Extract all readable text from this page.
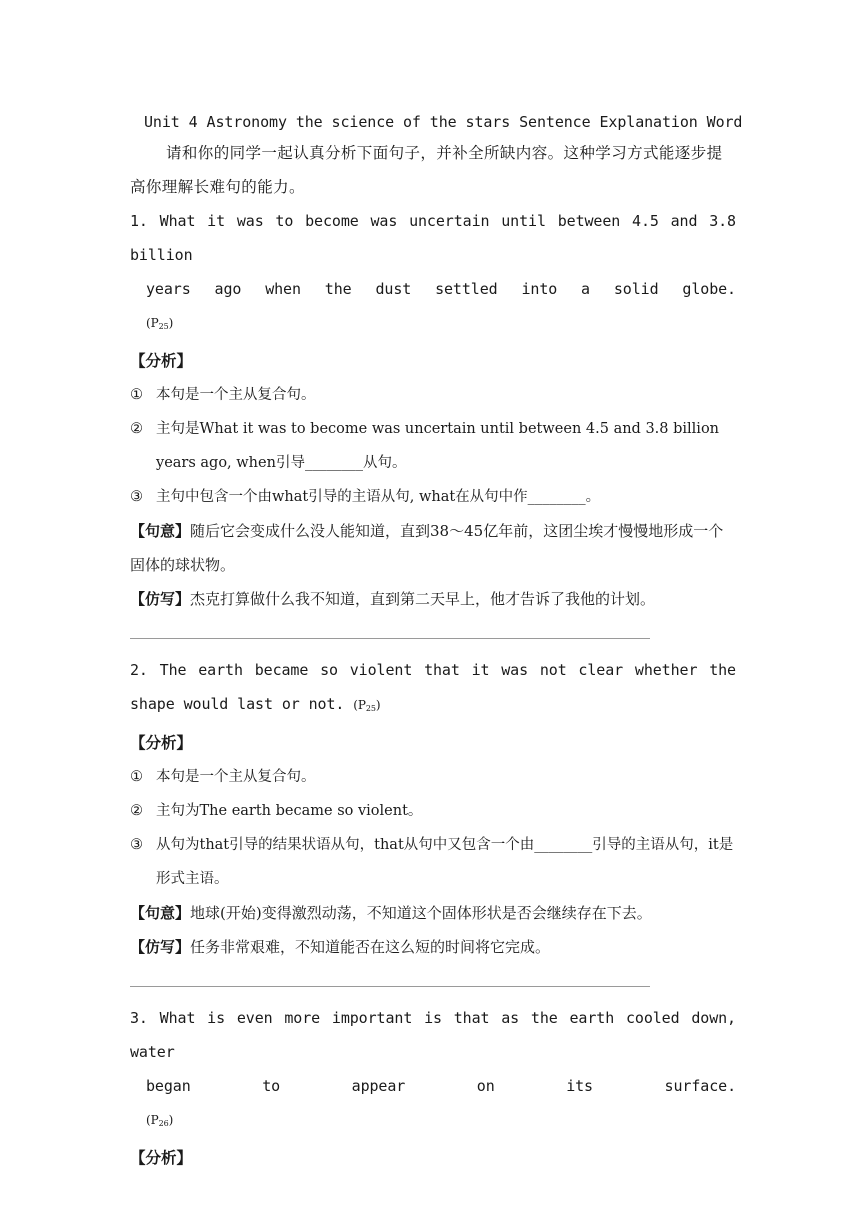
Unit 4 Astronomy the science of the stars Sentence Explanation Word

请和你的同学一起认真分析下面句子，并补全所缺内容。这种学习方式能逐步提高你理解长难句的能力。

1. What it was to become was uncertain until between 4.5 and 3.8 billion
years ago when the dust settled into a solid globe.
$(P_{25})$

【分析】

① 本句是一个主从复合句。
② 主句是What it was to become was uncertain until between 4.5 and 3.8 billion years ago, when引导________从句。
③ 主句中包含一个由what引导的主语从句, what在从句中作________。

【句意】随后它会变成什么没人能知道，直到38～45亿年前，这团尘埃才慢慢地形成一个固体的球状物。

【仿写】杰克打算做什么我不知道，直到第二天早上，他才告诉了我他的计划。

2. The earth became so violent that it was not clear whether the shape would last or not. $(P_{25})$

【分析】

① 本句是一个主从复合句。
② 主句为The earth became so violent。
③ 从句为that引导的结果状语从句，that从句中又包含一个由________引导的主语从句，it是形式主语。

【句意】地球(开始)变得激烈动荡，不知道这个固体形状是否会继续存在下去。

【仿写】任务非常艰难，不知道能否在这么短的时间将它完成。

3. What is even more important is that as the earth cooled down, water
began to appear on its surface.
$(P_{26})$

【分析】
